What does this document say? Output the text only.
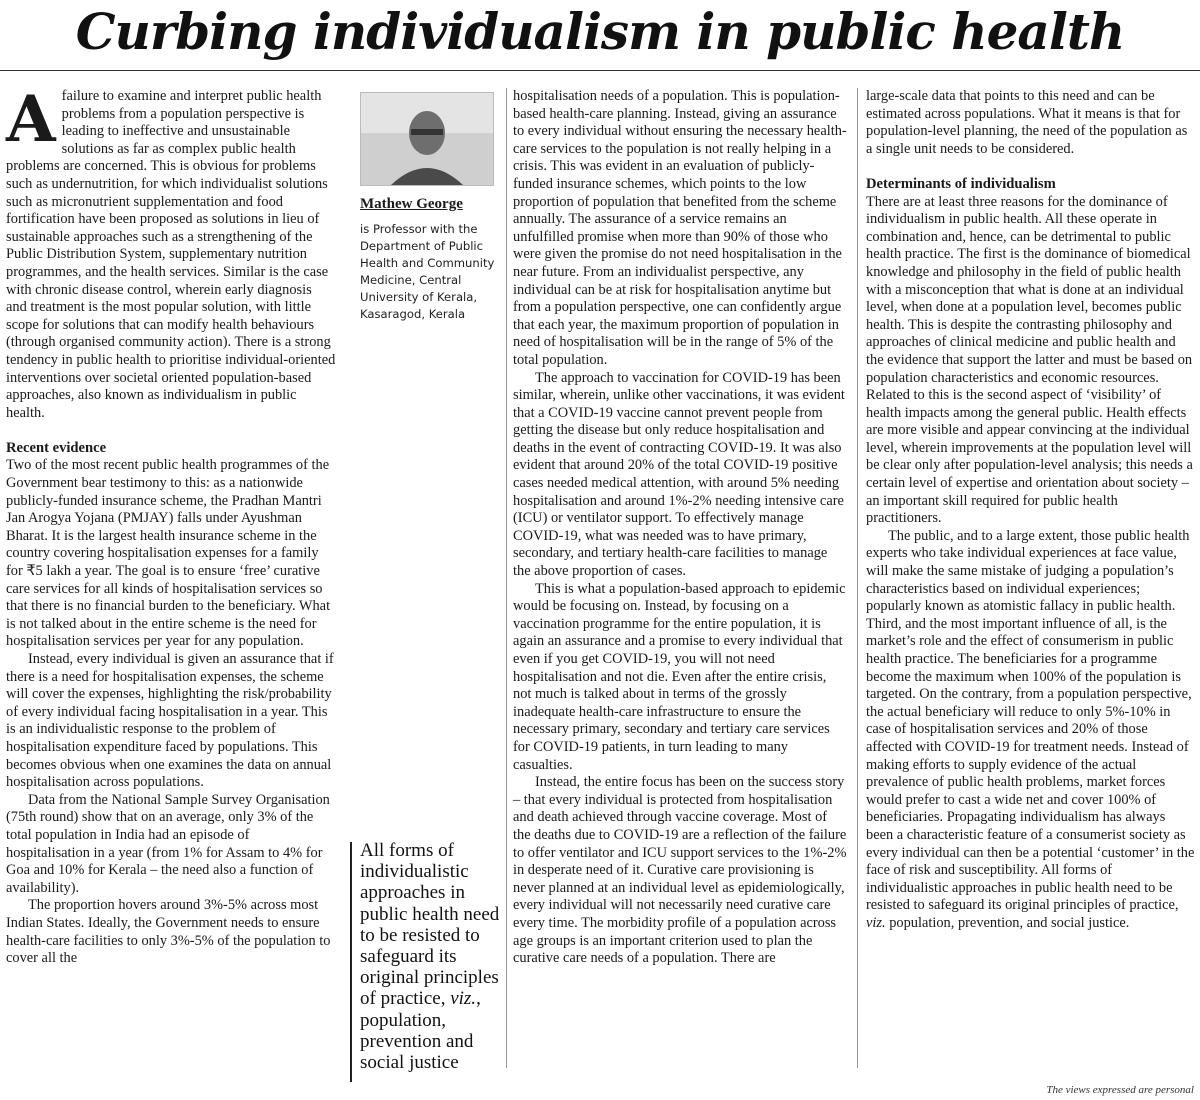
Curbing individualism in public health

Afailure to examine and interpret public health problems from a population perspective is leading to ineffective and unsustainable solutions as far as complex public health problems are concerned. This is obvious for problems such as undernutrition, for which individualist solutions such as micronutrient supplementation and food fortification have been proposed as solutions in lieu of sustainable approaches such as a strengthening of the Public Distribution System, supplementary nutrition programmes, and the health services. Similar is the case with chronic disease control, wherein early diagnosis and treatment is the most popular solution, with little scope for solutions that can modify health behaviours (through organised community action). There is a strong tendency in public health to prioritise individual-oriented interventions over societal oriented population-based approaches, also known as individualism in public health.

Recent evidence

Two of the most recent public health programmes of the Government bear testimony to this: as a nationwide publicly-funded insurance scheme, the Pradhan Mantri Jan Arogya Yojana (PMJAY) falls under Ayushman Bharat. It is the largest health insurance scheme in the country covering hospitalisation expenses for a family for ₹5 lakh a year. The goal is to ensure ‘free’ curative care services for all kinds of hospitalisation services so that there is no financial burden to the beneficiary. What is not talked about in the entire scheme is the need for hospitalisation services per year for any population.

Instead, every individual is given an assurance that if there is a need for hospitalisation expenses, the scheme will cover the expenses, highlighting the risk/probability of every individual facing hospitalisation in a year. This is an individualistic response to the problem of hospitalisation expenditure faced by populations. This becomes obvious when one examines the data on annual hospitalisation across populations.

Data from the National Sample Survey Organisation (75th round) show that on an average, only 3% of the total population in India had an episode of hospitalisation in a year (from 1% for Assam to 4% for Goa and 10% for Kerala – the need also a function of availability).

The proportion hovers around 3%-5% across most Indian States. Ideally, the Government needs to ensure health-care facilities to only 3%-5% of the population to cover all the

Mathew George
is Professor with the Department of Public Health and Community Medicine, Central University of Kerala, Kasaragod, Kerala
All forms of individualistic approaches in public health need to be resisted to safeguard its original principles of practice, viz., population, prevention and social justice

hospitalisation needs of a population. This is population-based health-care planning. Instead, giving an assurance to every individual without ensuring the necessary health-care services to the population is not really helping in a crisis. This was evident in an evaluation of publicly-funded insurance schemes, which points to the low proportion of population that benefited from the scheme annually. The assurance of a service remains an unfulfilled promise when more than 90% of those who were given the promise do not need hospitalisation in the near future. From an individualist perspective, any individual can be at risk for hospitalisation anytime but from a population perspective, one can confidently argue that each year, the maximum proportion of population in need of hospitalisation will be in the range of 5% of the total population.

The approach to vaccination for COVID-19 has been similar, wherein, unlike other vaccinations, it was evident that a COVID-19 vaccine cannot prevent people from getting the disease but only reduce hospitalisation and deaths in the event of contracting COVID-19. It was also evident that around 20% of the total COVID-19 positive cases needed medical attention, with around 5% needing hospitalisation and around 1%-2% needing intensive care (ICU) or ventilator support. To effectively manage COVID-19, what was needed was to have primary, secondary, and tertiary health-care facilities to manage the above proportion of cases.

This is what a population-based approach to epidemic would be focusing on. Instead, by focusing on a vaccination programme for the entire population, it is again an assurance and a promise to every individual that even if you get COVID-19, you will not need hospitalisation and not die. Even after the entire crisis, not much is talked about in terms of the grossly inadequate health-care infrastructure to ensure the necessary primary, secondary and tertiary care services for COVID-19 patients, in turn leading to many casualties.

Instead, the entire focus has been on the success story – that every individual is protected from hospitalisation and death achieved through vaccine coverage. Most of the deaths due to COVID-19 are a reflection of the failure to offer ventilator and ICU support services to the 1%-2% in desperate need of it. Curative care provisioning is never planned at an individual level as epidemiologically, every individual will not necessarily need curative care every time. The morbidity profile of a population across age groups is an important criterion used to plan the curative care needs of a population. There are

large-scale data that points to this need and can be estimated across populations. What it means is that for population-level planning, the need of the population as a single unit needs to be considered.

Determinants of individualism

There are at least three reasons for the dominance of individualism in public health. All these operate in combination and, hence, can be detrimental to public health practice. The first is the dominance of biomedical knowledge and philosophy in the field of public health with a misconception that what is done at an individual level, when done at a population level, becomes public health. This is despite the contrasting philosophy and approaches of clinical medicine and public health and the evidence that support the latter and must be based on population characteristics and economic resources. Related to this is the second aspect of ‘visibility’ of health impacts among the general public. Health effects are more visible and appear convincing at the individual level, wherein improvements at the population level will be clear only after population-level analysis; this needs a certain level of expertise and orientation about society – an important skill required for public health practitioners.

The public, and to a large extent, those public health experts who take individual experiences at face value, will make the same mistake of judging a population’s characteristics based on individual experiences; popularly known as atomistic fallacy in public health. Third, and the most important influence of all, is the market’s role and the effect of consumerism in public health practice. The beneficiaries for a programme become the maximum when 100% of the population is targeted. On the contrary, from a population perspective, the actual beneficiary will reduce to only 5%-10% in case of hospitalisation services and 20% of those affected with COVID-19 for treatment needs. Instead of making efforts to supply evidence of the actual prevalence of public health problems, market forces would prefer to cast a wide net and cover 100% of beneficiaries. Propagating individualism has always been a characteristic feature of a consumerist society as every individual can then be a potential ‘customer’ in the face of risk and susceptibility. All forms of individualistic approaches in public health need to be resisted to safeguard its original principles of practice, viz. population, prevention, and social justice.

The views expressed are personal
